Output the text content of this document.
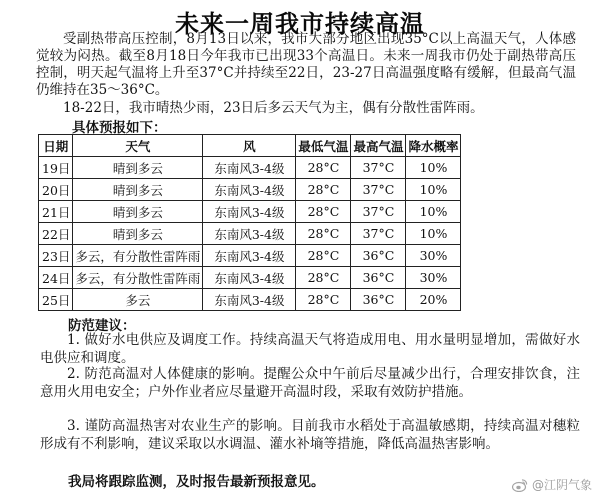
未来一周我市持续高温
受副热带高压控制，8月13日以来，我市大部分地区出现35°C以上高温天气，人体感觉较为闷热。截至8月18日今年我市已出现33个高温日。未来一周我市仍处于副热带高压控制，明天起气温将上升至37°C并持续至22日，23-27日高温强度略有缓解，但最高气温仍维持在35～36°C。
18-22日，我市晴热少雨，23日后多云天气为主，偶有分散性雷阵雨。
具体预报如下：
日期	天气	风	最低气温	最高气温	降水概率
19日	晴到多云	东南风3-4级	28°C	37°C	10%
20日	晴到多云	东南风3-4级	28°C	37°C	10%
21日	晴到多云	东南风3-4级	28°C	37°C	10%
22日	晴到多云	东南风3-4级	28°C	37°C	10%
23日	多云，有分散性雷阵雨	东南风3-4级	28°C	36°C	30%
24日	多云，有分散性雷阵雨	东南风3-4级	28°C	36°C	30%
25日	多云	东南风3-4级	28°C	36°C	20%
防范建议：
1. 做好水电供应及调度工作。持续高温天气将造成用电、用水量明显增加，需做好水电供应和调度。
2. 防范高温对人体健康的影响。提醒公众中午前后尽量减少出行，合理安排饮食，注意用火用电安全；户外作业者应尽量避开高温时段，采取有效防护措施。
3. 谨防高温热害对农业生产的影响。目前我市水稻处于高温敏感期，持续高温对穗粒形成有不利影响，建议采取以水调温、灌水补墒等措施，降低高温热害影响。
我局将跟踪监测，及时报告最新预报意见。	@江阴气象
